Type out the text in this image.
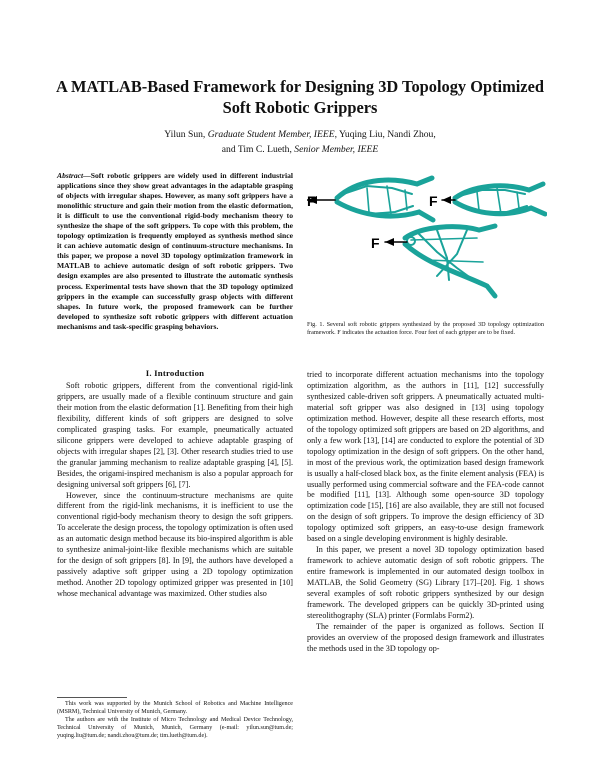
A MATLAB-Based Framework for Designing 3D Topology Optimized
Soft Robotic Grippers
Yilun Sun, Graduate Student Member, IEEE, Yuqing Liu, Nandi Zhou,
and Tim C. Lueth, Senior Member, IEEE

Abstract—Soft robotic grippers are widely used in different industrial applications since they show great advantages in the adaptable grasping of objects with irregular shapes. However, as many soft grippers have a monolithic structure and gain their motion from the elastic deformation, it is difficult to use the conventional rigid-body mechanism theory to synthesize the shape of the soft grippers. To cope with this problem, the topology optimization is frequently employed as synthesis method since it can achieve automatic design of continuum-structure mechanisms. In this paper, we propose a novel 3D topology optimization framework in MATLAB to achieve automatic design of soft robotic grippers. Two design examples are also presented to illustrate the automatic synthesis process. Experimental tests have shown that the 3D topology optimized grippers in the example can successfully grasp objects with different shapes. In future work, the proposed framework can be further developed to synthesize soft robotic grippers with different actuation mechanisms and task-specific grasping behaviors.

I. Introduction

Soft robotic grippers, different from the conventional rigid-link grippers, are usually made of a flexible continuum structure and gain their motion from the elastic deformation [1]. Benefiting from their high flexibility, different kinds of soft grippers are designed to solve complicated grasping tasks. For example, pneumatically actuated silicone grippers were developed to achieve adaptable grasping of objects with irregular shapes [2], [3]. Other research studies tried to use the granular jamming mechanism to realize adaptable grasping [4], [5]. Besides, the origami-inspired mechanism is also a popular approach for designing universal soft grippers [6], [7].

However, since the continuum-structure mechanisms are quite different from the rigid-link mechanisms, it is inefficient to use the conventional rigid-body mechanism theory to design the soft grippers. To accelerate the design process, the topology optimization is often used as an automatic design method because its bio-inspired algorithm is able to synthesize animal-joint-like flexible mechanisms which are suitable for the design of soft grippers [8]. In [9], the authors have developed a passively adaptive soft gripper using a 2D topology optimization method. Another 2D topology optimized gripper was presented in [10] whose mechanical advantage was maximized. Other studies also

This work was supported by the Munich School of Robotics and Machine Intelligence (MSRM), Technical University of Munich, Germany.

The authors are with the Institute of Micro Technology and Medical Device Technology, Technical University of Munich, Munich, Germany (e-mail: yilun.sun@tum.de; yuqing.liu@tum.de; nandi.zhou@tum.de; tim.lueth@tum.de).

F	F
F

Fig. 1. Several soft robotic grippers synthesized by the proposed 3D topology optimization framework. F indicates the actuation force. Four feet of each gripper are to be fixed.

tried to incorporate different actuation mechanisms into the topology optimization algorithm, as the authors in [11], [12] successfully synthesized cable-driven soft grippers. A pneumatically actuated multi-material soft gripper was also designed in [13] using topology optimization method. However, despite all these research efforts, most of the topology optimized soft grippers are based on 2D algorithms, and only a few work [13], [14] are conducted to explore the potential of 3D topology optimization in the design of soft grippers. On the other hand, in most of the previous work, the optimization based design framework is usually a half-closed black box, as the finite element analysis (FEA) is usually performed using commercial software and the FEA-code cannot be modified [11], [13]. Although some open-source 3D topology optimization code [15], [16] are also available, they are still not focused on the design of soft grippers. To improve the design efficiency of 3D topology optimized soft grippers, an easy-to-use design framework based on a single developing environment is highly desirable.

In this paper, we present a novel 3D topology optimization based framework to achieve automatic design of soft robotic grippers. The entire framework is implemented in our automated design toolbox in MATLAB, the Solid Geometry (SG) Library [17]–[20]. Fig. 1 shows several examples of soft robotic grippers synthesized by our design framework. The developed grippers can be quickly 3D-printed using stereolithography (SLA) printer (Formlabs Form2).

The remainder of the paper is organized as follows. Section II provides an overview of the proposed design framework and illustrates the methods used in the 3D topology op-
